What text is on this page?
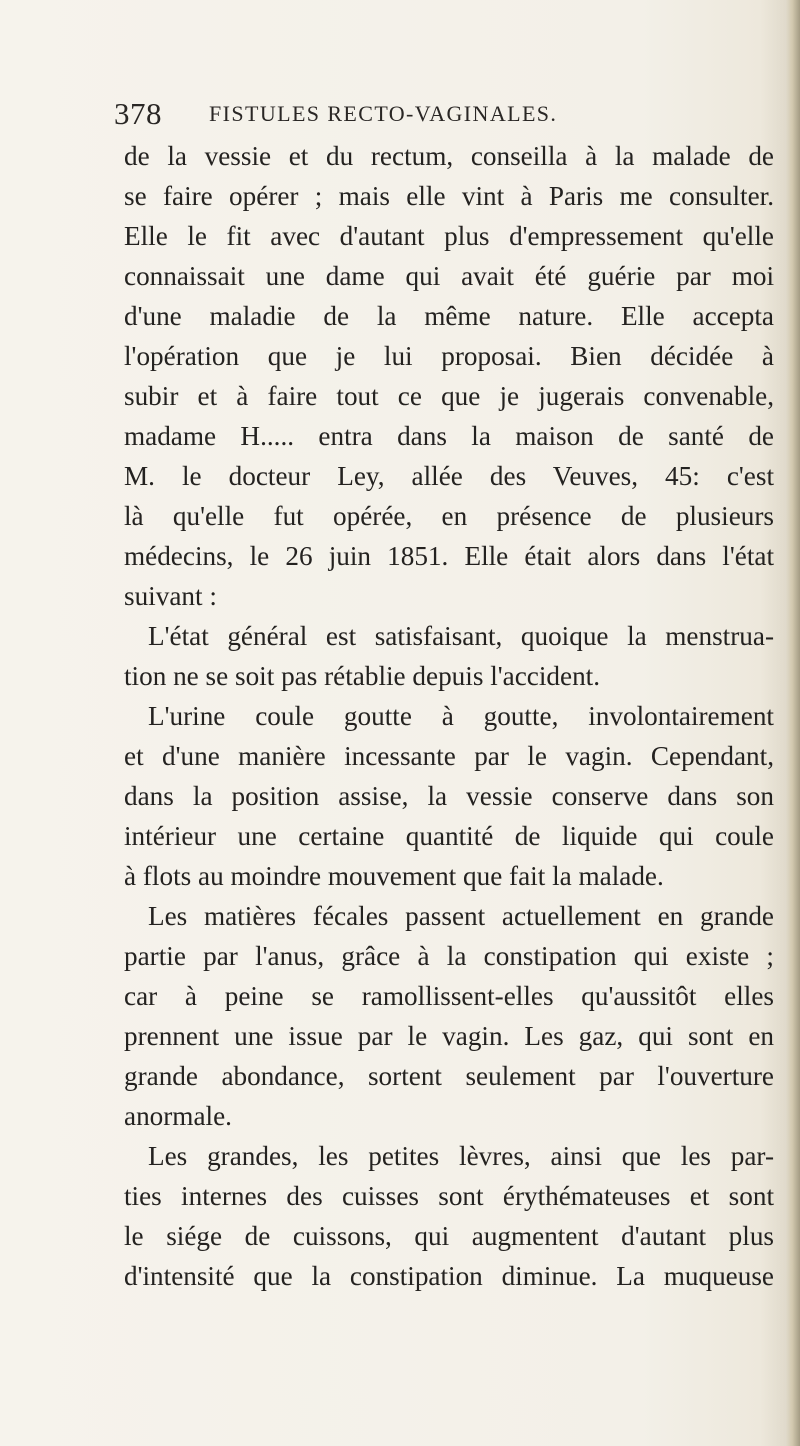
378 FISTULES RECTO-VAGINALES.
de la vessie et du rectum, conseilla à la malade de
se faire opérer ; mais elle vint à Paris me consulter.
Elle le fit avec d'autant plus d'empressement qu'elle
connaissait une dame qui avait été guérie par moi
d'une maladie de la même nature. Elle accepta
l'opération que je lui proposai. Bien décidée à
subir et à faire tout ce que je jugerais convenable,
madame H..... entra dans la maison de santé de
M. le docteur Ley, allée des Veuves, 45: c'est
là qu'elle fut opérée, en présence de plusieurs
médecins, le 26 juin 1851. Elle était alors dans l'état
suivant :
L'état général est satisfaisant, quoique la menstrua-
tion ne se soit pas rétablie depuis l'accident.
L'urine coule goutte à goutte, involontairement
et d'une manière incessante par le vagin. Cependant,
dans la position assise, la vessie conserve dans son
intérieur une certaine quantité de liquide qui coule
à flots au moindre mouvement que fait la malade.
Les matières fécales passent actuellement en grande
partie par l'anus, grâce à la constipation qui existe ;
car à peine se ramollissent-elles qu'aussitôt elles
prennent une issue par le vagin. Les gaz, qui sont en
grande abondance, sortent seulement par l'ouverture
anormale.
Les grandes, les petites lèvres, ainsi que les par-
ties internes des cuisses sont érythémateuses et sont
le siége de cuissons, qui augmentent d'autant plus
d'intensité que la constipation diminue. La muqueuse
